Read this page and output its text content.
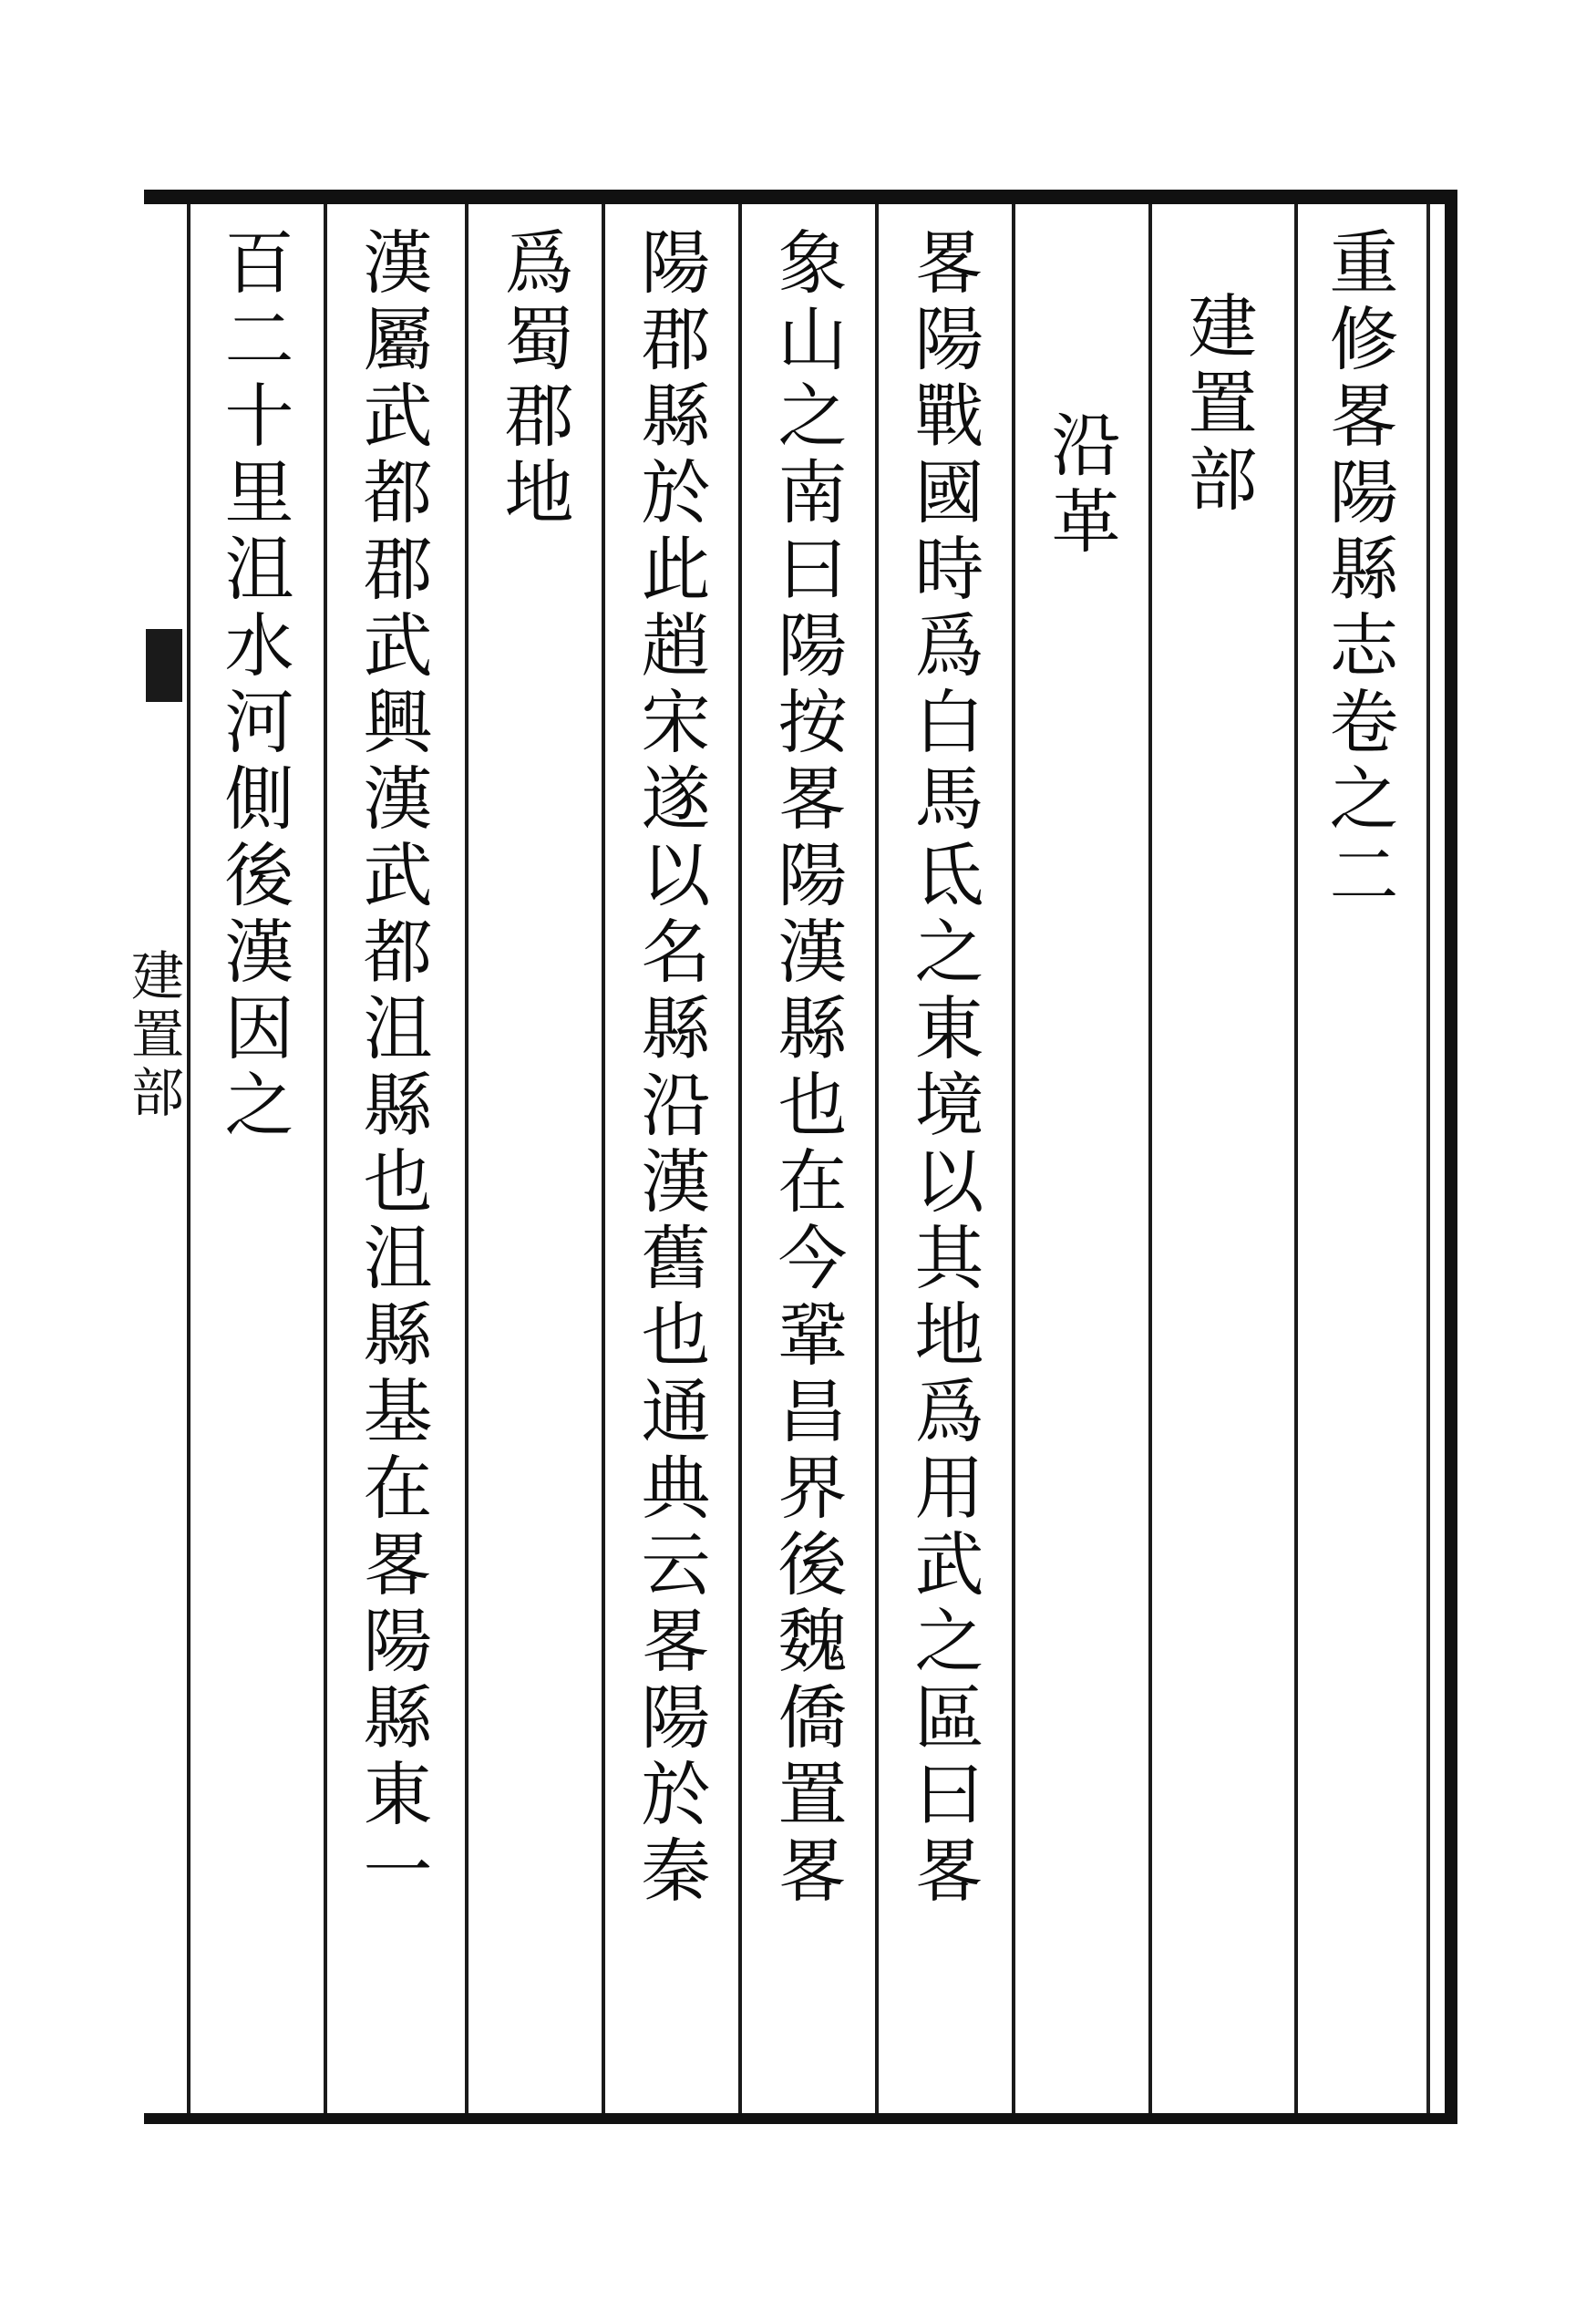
重修畧陽縣志卷之二
建置部
沿革
畧陽戰國時爲白馬氐之東境以其地爲用武之區曰畧
象山之南曰陽按畧陽漢縣也在今鞏昌界後魏僑置畧
陽郡縣於此趙宋遂以名縣沿漢舊也通典云畧陽於秦
爲蜀郡地
漢屬武都郡武興漢武都沮縣也沮縣基在畧陽縣東一
百二十里沮水河側後漢因之
建置部
